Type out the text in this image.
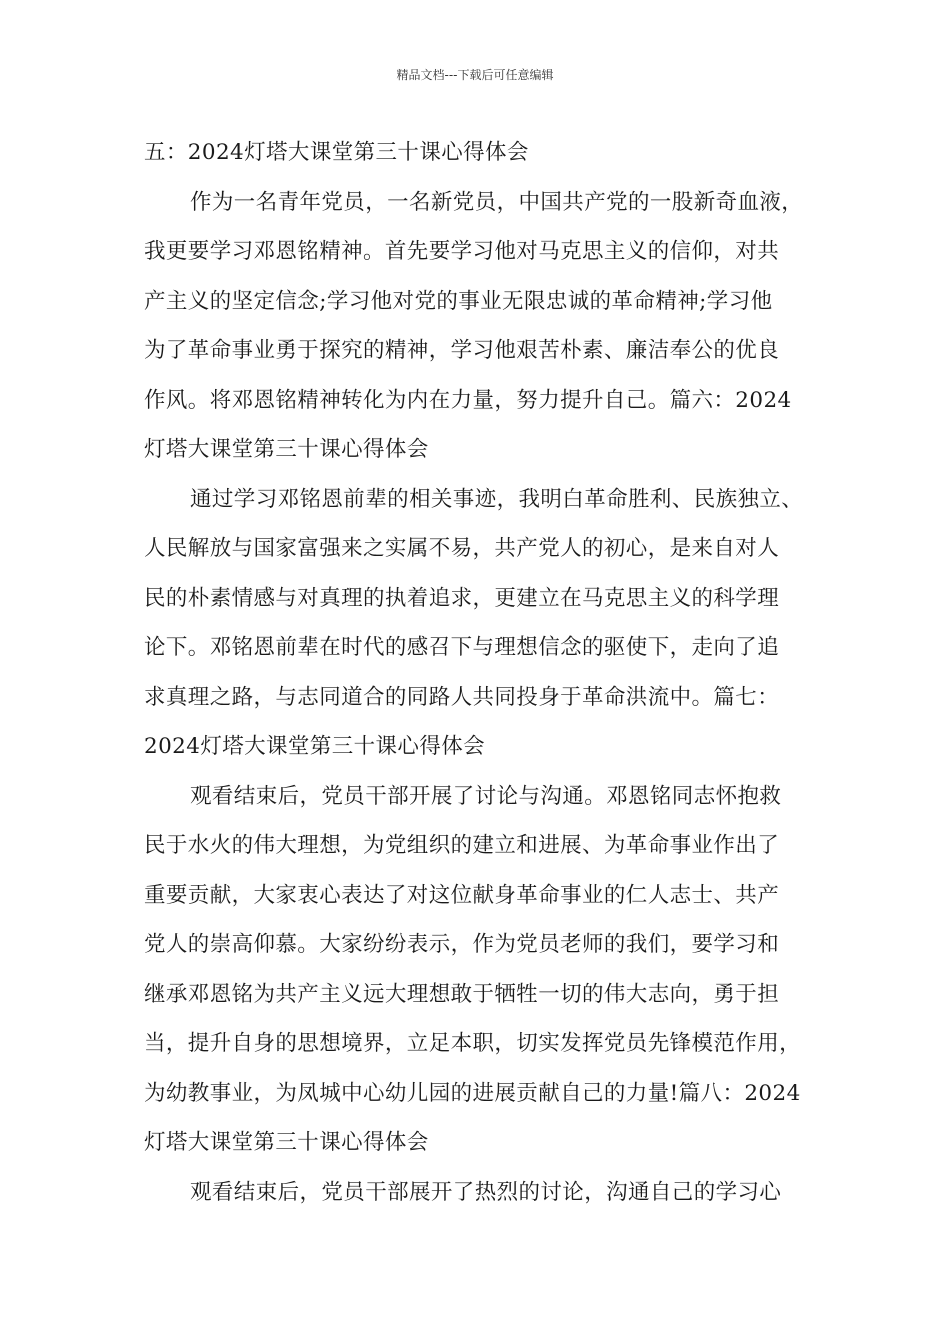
精品文档---下载后可任意编辑
五：2024灯塔大课堂第三十课心得体会
作为一名青年党员，一名新党员，中国共产党的一股新奇血液，
我更要学习邓恩铭精神。首先要学习他对马克思主义的信仰，对共
产主义的坚定信念;学习他对党的事业无限忠诚的革命精神;学习他
为了革命事业勇于探究的精神，学习他艰苦朴素、廉洁奉公的优良
作风。将邓恩铭精神转化为内在力量，努力提升自己。篇六：2024
灯塔大课堂第三十课心得体会
通过学习邓铭恩前辈的相关事迹，我明白革命胜利、民族独立、
人民解放与国家富强来之实属不易，共产党人的初心，是来自对人
民的朴素情感与对真理的执着追求，更建立在马克思主义的科学理
论下。邓铭恩前辈在时代的感召下与理想信念的驱使下，走向了追
求真理之路，与志同道合的同路人共同投身于革命洪流中。篇七：
2024灯塔大课堂第三十课心得体会
观看结束后，党员干部开展了讨论与沟通。邓恩铭同志怀抱救
民于水火的伟大理想，为党组织的建立和进展、为革命事业作出了
重要贡献，大家衷心表达了对这位献身革命事业的仁人志士、共产
党人的崇高仰慕。大家纷纷表示，作为党员老师的我们，要学习和
继承邓恩铭为共产主义远大理想敢于牺牲一切的伟大志向，勇于担
当，提升自身的思想境界，立足本职，切实发挥党员先锋模范作用，
为幼教事业，为凤城中心幼儿园的进展贡献自己的力量!篇八：2024
灯塔大课堂第三十课心得体会
观看结束后，党员干部展开了热烈的讨论，沟通自己的学习心
